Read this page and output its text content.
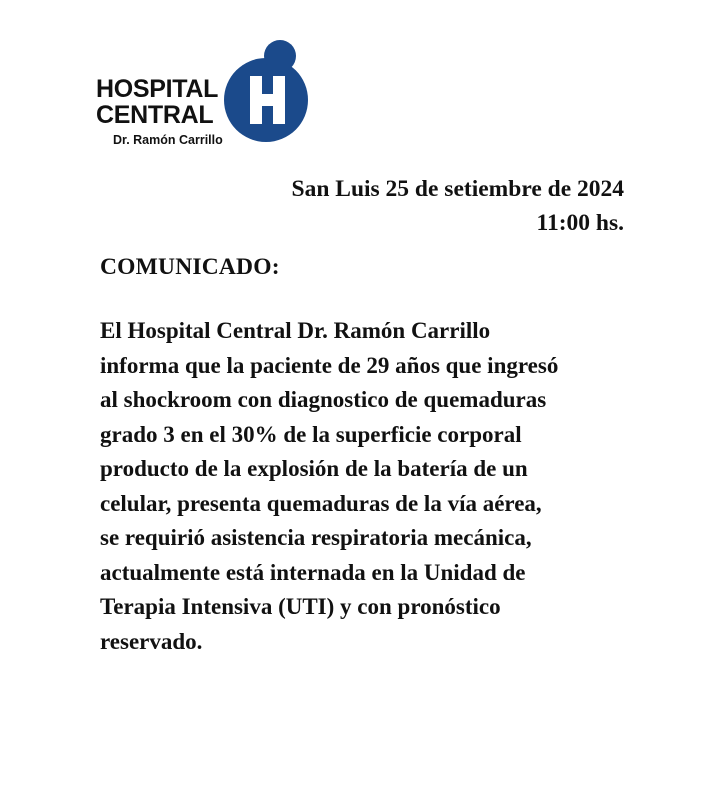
HOSPITAL
CENTRAL
Dr. Ramón Carrillo
San Luis 25 de setiembre de 2024
11:00 hs.
COMUNICADO:
El Hospital Central Dr. Ramón Carrillo
informa que la paciente de 29 años que ingresó
al shockroom con diagnostico de quemaduras
grado 3 en el 30% de la superficie corporal
producto de la explosión de la batería de un
celular, presenta quemaduras de la vía aérea,
se requirió asistencia respiratoria mecánica,
actualmente está internada en la Unidad de
Terapia Intensiva (UTI) y con pronóstico
reservado.
